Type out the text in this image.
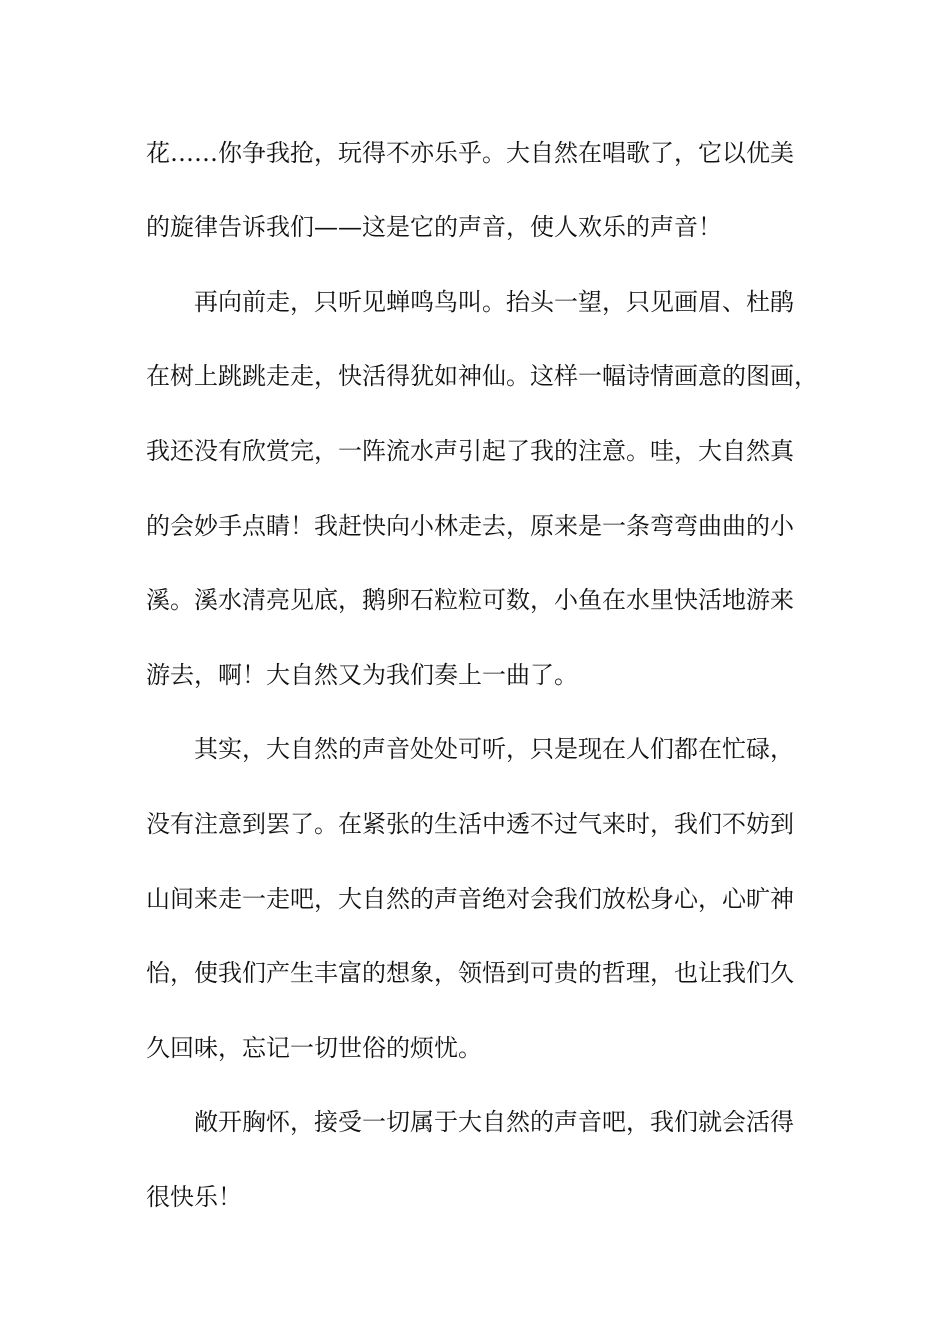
花……你争我抢，玩得不亦乐乎。大自然在唱歌了，它以优美
的旋律告诉我们——这是它的声音，使人欢乐的声音！
再向前走，只听见蝉鸣鸟叫。抬头一望，只见画眉、杜鹃
在树上跳跳走走，快活得犹如神仙。这样一幅诗情画意的图画，
我还没有欣赏完，一阵流水声引起了我的注意。哇，大自然真
的会妙手点睛！我赶快向小林走去，原来是一条弯弯曲曲的小
溪。溪水清亮见底，鹅卵石粒粒可数，小鱼在水里快活地游来
游去，啊！大自然又为我们奏上一曲了。
其实，大自然的声音处处可听，只是现在人们都在忙碌，
没有注意到罢了。在紧张的生活中透不过气来时，我们不妨到
山间来走一走吧，大自然的声音绝对会我们放松身心，心旷神
怡，使我们产生丰富的想象，领悟到可贵的哲理，也让我们久
久回味，忘记一切世俗的烦忧。
敞开胸怀，接受一切属于大自然的声音吧，我们就会活得
很快乐！
